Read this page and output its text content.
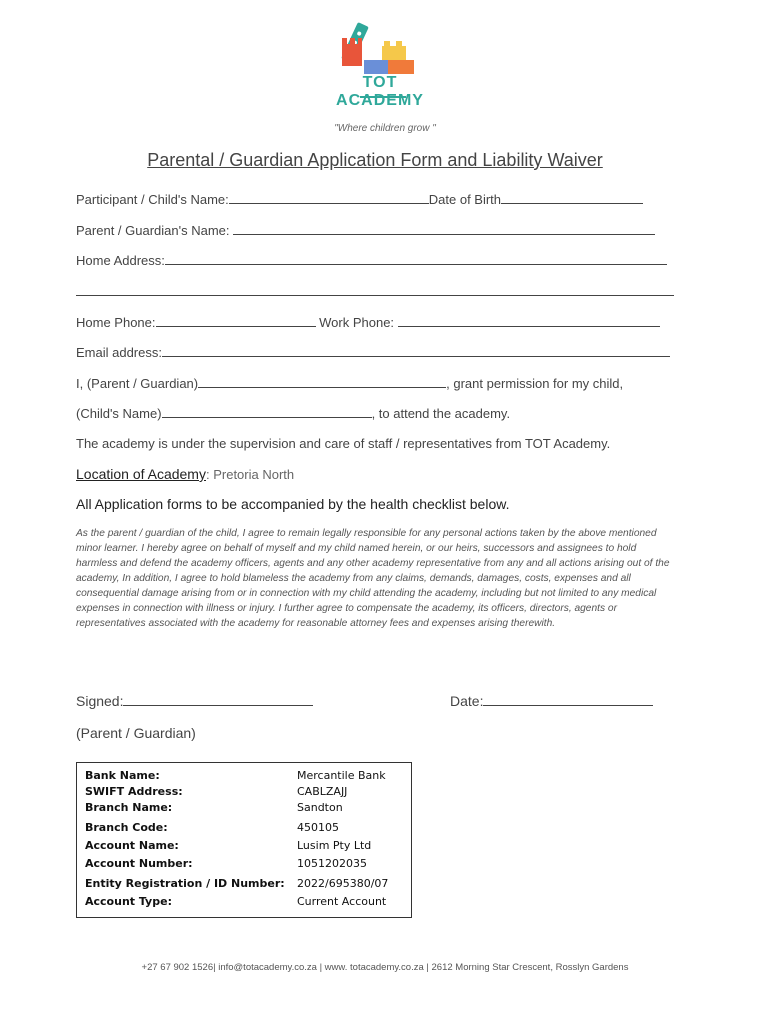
TOT ACADEMY
"Where children grow "
Parental / Guardian Application Form and Liability Waiver
Participant / Child's Name:	Date of Birth
Parent / Guardian's Name:
Home Address:
Home Phone:	Work Phone:
Email address:
I, (Parent / Guardian)	, grant permission for my child,
(Child's Name)	, to attend the academy.
The academy is under the supervision and care of staff / representatives from TOT Academy.
Location of Academy: Pretoria North
All Application forms to be accompanied by the health checklist below.
As the parent / guardian of the child, I agree to remain legally responsible for any personal actions taken by the above mentioned minor learner. I hereby agree on behalf of myself and my child named herein, or our heirs, successors and assignees to hold harmless and defend the academy officers, agents and any other academy representative from any and all actions arising out of the academy, In addition, I agree to hold blameless the academy from any claims, demands, damages, costs, expenses and all consequential damage arising from or in connection with my child attending the academy, including but not limited to any medical expenses in connection with illness or injury. I further agree to compensate the academy, its officers, directors, agents or representatives associated with the academy for reasonable attorney fees and expenses arising therewith.
Signed:	Date:
(Parent / Guardian)
Bank Name:	Mercantile Bank
SWIFT Address:	CABLZAJJ
Branch Name:	Sandton
Branch Code:	450105
Account Name:	Lusim Pty Ltd
Account Number:	1051202035
Entity Registration / ID Number: 2022/695380/07
Account Type:	Current Account
+27 67 902 1526| info@totacademy.co.za | www. totacademy.co.za | 2612 Morning Star Crescent, Rosslyn Gardens
